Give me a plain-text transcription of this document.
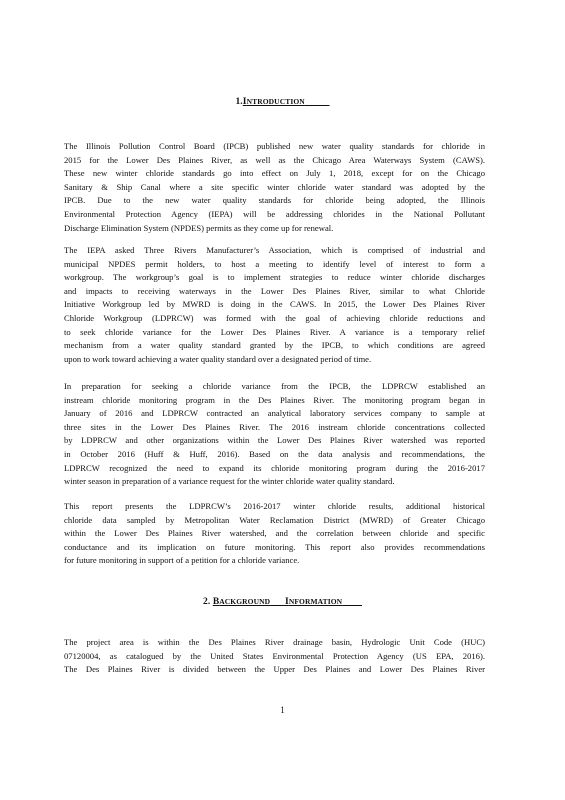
1.INTRODUCTION
The Illinois Pollution Control Board (IPCB) published new water quality standards for chloride in
2015 for the Lower Des Plaines River, as well as the Chicago Area Waterways System (CAWS).
These new winter chloride standards go into effect on July 1, 2018, except for on the Chicago
Sanitary & Ship Canal where a site specific winter chloride water standard was adopted by the
IPCB. Due to the new water quality standards for chloride being adopted, the Illinois
Environmental Protection Agency (IEPA) will be addressing chlorides in the National Pollutant
Discharge Elimination System (NPDES) permits as they come up for renewal.
The IEPA asked Three Rivers Manufacturer’s Association, which is comprised of industrial and
municipal NPDES permit holders, to host a meeting to identify level of interest to form a
workgroup. The workgroup’s goal is to implement strategies to reduce winter chloride discharges
and impacts to receiving waterways in the Lower Des Plaines River, similar to what Chloride
Initiative Workgroup led by MWRD is doing in the CAWS. In 2015, the Lower Des Plaines River
Chloride Workgroup (LDPRCW) was formed with the goal of achieving chloride reductions and
to seek chloride variance for the Lower Des Plaines River. A variance is a temporary relief
mechanism from a water quality standard granted by the IPCB, to which conditions are agreed
upon to work toward achieving a water quality standard over a designated period of time.
In preparation for seeking a chloride variance from the IPCB, the LDPRCW established an
instream chloride monitoring program in the Des Plaines River. The monitoring program began in
January of 2016 and LDPRCW contracted an analytical laboratory services company to sample at
three sites in the Lower Des Plaines River. The 2016 instream chloride concentrations collected
by LDPRCW and other organizations within the Lower Des Plaines River watershed was reported
in October 2016 (Huff & Huff, 2016). Based on the data analysis and recommendations, the
LDPRCW recognized the need to expand its chloride monitoring program during the 2016-2017
winter season in preparation of a variance request for the winter chloride water quality standard.
This report presents the LDPRCW’s 2016-2017 winter chloride results, additional historical
chloride data sampled by Metropolitan Water Reclamation District (MWRD) of Greater Chicago
within the Lower Des Plaines River watershed, and the correlation between chloride and specific
conductance and its implication on future monitoring. This report also provides recommendations
for future monitoring in support of a petition for a chloride variance.
2. BACKGROUND INFORMATION
The project area is within the Des Plaines River drainage basin, Hydrologic Unit Code (HUC)
07120004, as catalogued by the United States Environmental Protection Agency (US EPA, 2016).
The Des Plaines River is divided between the Upper Des Plaines and Lower Des Plaines River
1
